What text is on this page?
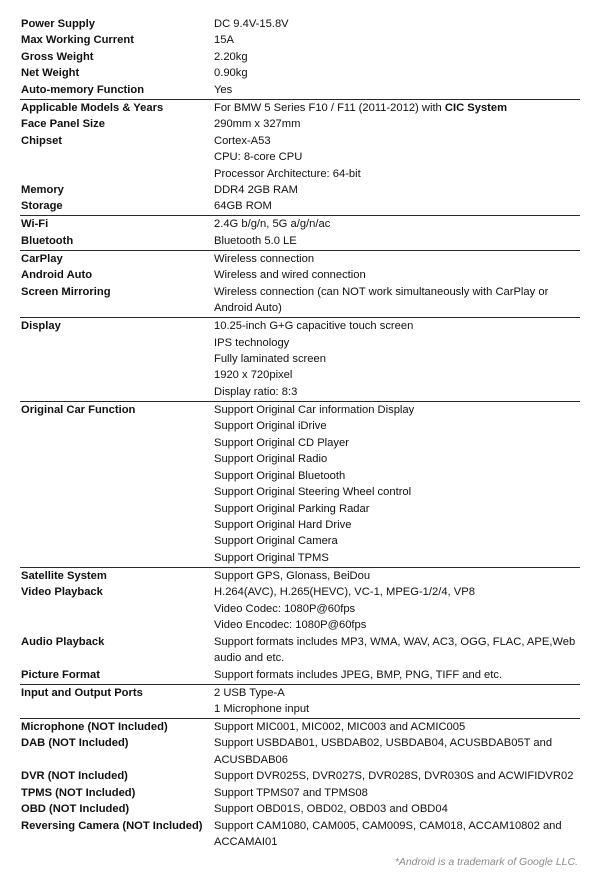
Power Supply	DC 9.4V-15.8V
Max Working Current	15A
Gross Weight	2.20kg
Net Weight	0.90kg
Auto-memory Function	Yes
Applicable Models & Years	For BMW 5 Series F10 / F11 (2011-2012) with CIC System
Face Panel Size	290mm x 327mm
Chipset	Cortex-A53
CPU: 8-core CPU
Processor Architecture: 64-bit
Memory	DDR4 2GB RAM
Storage	64GB ROM
Wi-Fi	2.4G b/g/n, 5G a/g/n/ac
Bluetooth	Bluetooth 5.0 LE
CarPlay	Wireless connection
Android Auto	Wireless and wired connection
Screen Mirroring	Wireless connection (can NOT work simultaneously with CarPlay or
Android Auto)
Display	10.25-inch G+G capacitive touch screen
IPS technology
Fully laminated screen
1920 x 720pixel
Display ratio: 8:3
Original Car Function	Support Original Car information Display
Support Original iDrive
Support Original CD Player
Support Original Radio
Support Original Bluetooth
Support Original Steering Wheel control
Support Original Parking Radar
Support Original Hard Drive
Support Original Camera
Support Original TPMS
Satellite System	Support GPS, Glonass, BeiDou
Video Playback	H.264(AVC), H.265(HEVC), VC-1, MPEG-1/2/4, VP8
Video Codec: 1080P@60fps
Video Encodec: 1080P@60fps
Audio Playback	Support formats includes MP3, WMA, WAV, AC3, OGG, FLAC, APE,Web
audio and etc.
Picture Format	Support formats includes JPEG, BMP, PNG, TIFF and etc.
Input and Output Ports	2 USB Type-A
1 Microphone input
Microphone (NOT Included)	Support MIC001, MIC002, MIC003 and ACMIC005
DAB (NOT Included)	Support USBDAB01, USBDAB02, USBDAB04, ACUSBDAB05T and
ACUSBDAB06
DVR (NOT Included)	Support DVR025S, DVR027S, DVR028S, DVR030S and ACWIFIDVR02
TPMS (NOT Included)	Support TPMS07 and TPMS08
OBD (NOT Included)	Support OBD01S, OBD02, OBD03 and OBD04
Reversing Camera (NOT Included)	Support CAM1080, CAM005, CAM009S, CAM018, ACCAM10802 and
ACCAMAI01
*Android is a trademark of Google LLC.
